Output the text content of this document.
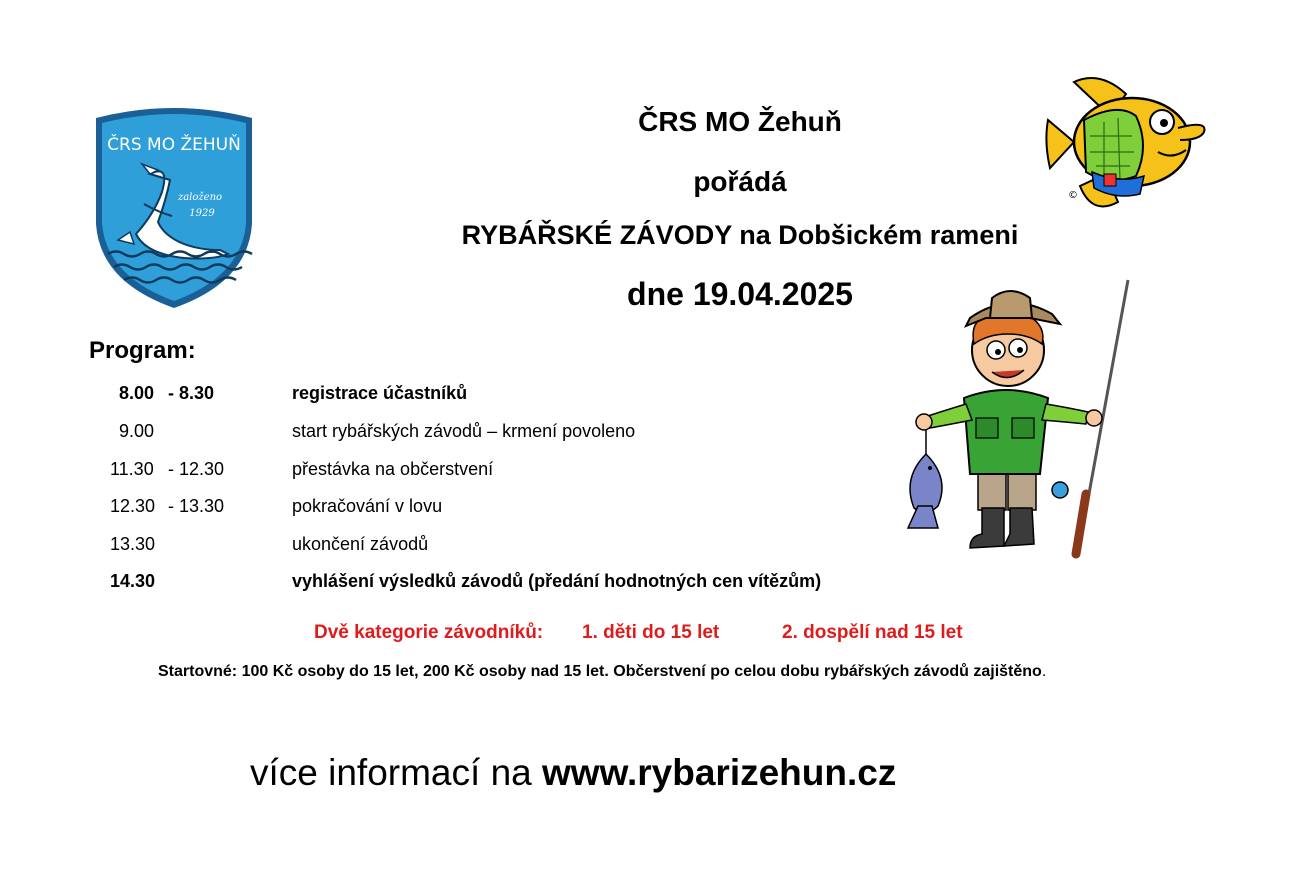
ČRS MO ŽEHUŇ
založeno
1929
ČRS MO Žehuň
pořádá
RYBÁŘSKÉ ZÁVODY na Dobšickém rameni
dne 19.04.2025
©
Program:
8.00 - 8.30	registrace účastníků
9.00	start rybářských závodů – krmení povoleno
11.30 - 12.30	přestávka na občerstvení
12.30 - 13.30	pokračování v lovu
13.30	ukončení závodů
14.30	vyhlášení výsledků závodů (předání hodnotných cen vítězům)
Dvě kategorie závodníků: 1. děti do 15 let	2. dospělí nad 15 let
Startovné: 100 Kč osoby do 15 let, 200 Kč osoby nad 15 let. Občerstvení po celou dobu rybářských závodů zajištěno.
více informací na www.rybarizehun.cz
